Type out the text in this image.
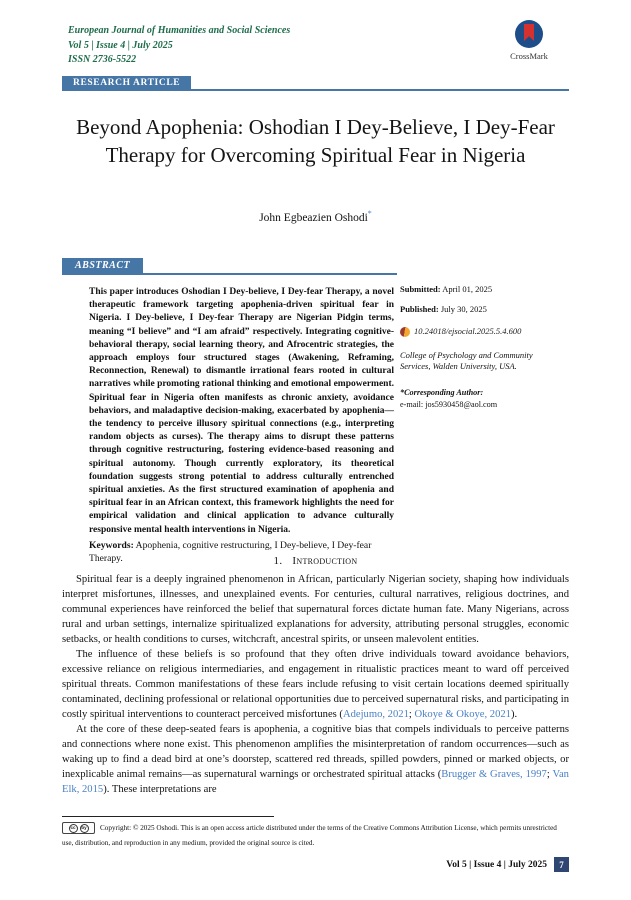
European Journal of Humanities and Social Sciences
Vol 5 | Issue 4 | July 2025
ISSN 2736-5522	CrossMark
RESEARCH ARTICLE
Beyond Apophenia: Oshodian I Dey-Believe, I Dey-Fear Therapy for Overcoming Spiritual Fear in Nigeria
John Egbeazien Oshodi*
ABSTRACT
This paper introduces Oshodian I Dey-believe, I Dey-fear Therapy, a novel therapeutic framework targeting apophenia-driven spiritual fear in Nigeria. I Dey-believe, I Dey-fear Therapy are Nigerian Pidgin terms, meaning “I believe” and “I am afraid” respectively. Integrating cognitive-behavioral therapy, social learning theory, and Afrocentric strategies, the approach employs four structured stages (Awakening, Reframing, Reconnection, Renewal) to dismantle irrational fears rooted in cultural narratives while promoting rational thinking and emotional empowerment. Spiritual fear in Nigeria often manifests as chronic anxiety, avoidance behaviors, and maladaptive decision-making, exacerbated by apophenia—the tendency to perceive illusory spiritual connections (e.g., interpreting random objects as curses). The therapy aims to disrupt these patterns through cognitive restructuring, fostering evidence-based reasoning and spiritual autonomy. Though currently exploratory, its theoretical foundation suggests strong potential to address culturally entrenched spiritual anxieties. As the first structured examination of apophenia and spiritual fear in an African context, this framework highlights the need for empirical validation and clinical application to advance culturally responsive mental health interventions in Nigeria.
Keywords: Apophenia, cognitive restructuring, I Dey-believe, I Dey-fear Therapy.
Submitted: April 01, 2025
Published: July 30, 2025
10.24018/ejsocial.2025.5.4.600
College of Psychology and Community Services, Walden University, USA.
*Corresponding Author:
e-mail: jos5930458@aol.com
1. Introduction

Spiritual fear is a deeply ingrained phenomenon in African, particularly Nigerian society, shaping how individuals interpret misfortunes, illnesses, and unexplained events. For centuries, cultural narratives, religious doctrines, and communal experiences have reinforced the belief that supernatural forces dictate human fate. Many Nigerians, across rural and urban settings, internalize spiritualized explanations for adversity, attributing personal struggles, economic setbacks, or health conditions to curses, witchcraft, ancestral spirits, or unseen malevolent entities.

The influence of these beliefs is so profound that they often drive individuals toward avoidance behaviors, excessive reliance on religious intermediaries, and engagement in ritualistic practices meant to ward off perceived spiritual threats. Common manifestations of these fears include refusing to visit certain locations deemed spiritually contaminated, declining professional or relational opportunities due to perceived supernatural risks, and participating in costly spiritual interventions to counteract perceived misfortunes (Adejumo, 2021; Okoye & Okoye, 2021).

At the core of these deep-seated fears is apophenia, a cognitive bias that compels individuals to perceive patterns and connections where none exist. This phenomenon amplifies the misinterpretation of random occurrences—such as waking up to find a dead bird at one’s doorstep, scattered red threads, spilled powders, pinned or marked objects, or inexplicable animal remains—as supernatural warnings or orchestrated spiritual attacks (Brugger & Graves, 1997; Van Elk, 2015). These interpretations are

cc	by Copyright: © 2025 Oshodi. This is an open access article distributed under the terms of the Creative Commons Attribution License, which permits unrestricted use, distribution, and reproduction in any medium, provided the original source is cited.
Vol 5 | Issue 4 | July 2025	7
